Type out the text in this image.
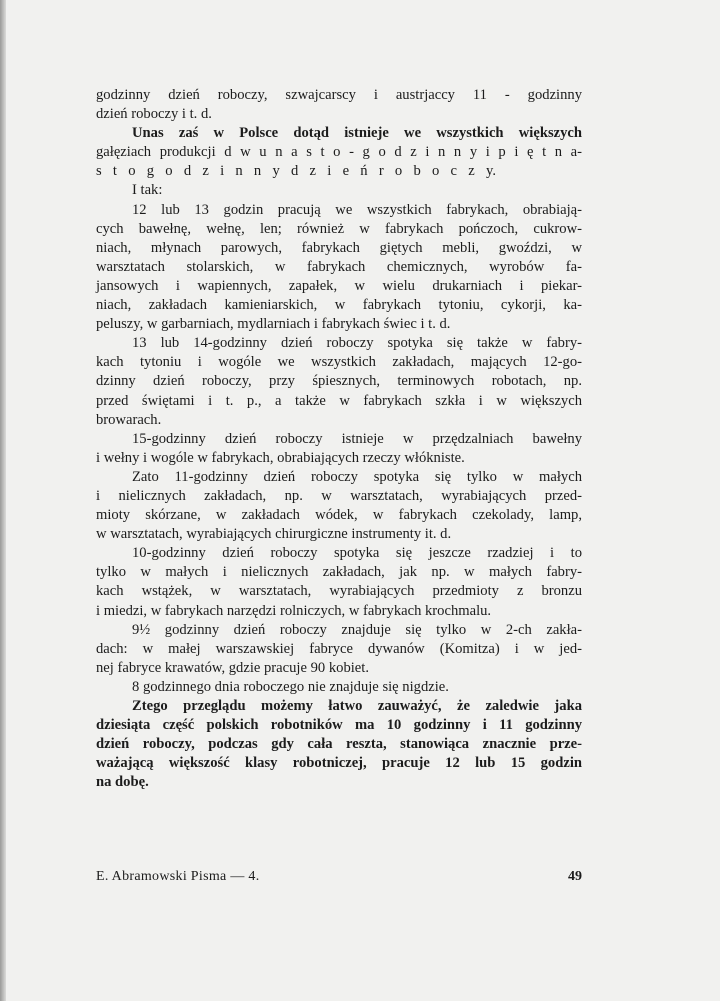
godzinny dzień roboczy, szwajcarscy i austrjaccy 11 - godzinny
dzień roboczy i t. d.
Unas zaś w Polsce dotąd istnieje we wszystkich większych
gałęziach produkcji d w u n a s t o - g o d z i n n y i p i ę t n a-
s t o g o d z i n n y d z i e ń r o b o c z y.
I tak:
12 lub 13 godzin pracują we wszystkich fabrykach, obrabiają-
cych bawełnę, wełnę, len; również w fabrykach pończoch, cukrow-
niach, młynach parowych, fabrykach giętych mebli, gwoździ, w
warsztatach stolarskich, w fabrykach chemicznych, wyrobów fa-
jansowych i wapiennych, zapałek, w wielu drukarniach i piekar-
niach, zakładach kamieniarskich, w fabrykach tytoniu, cykorji, ka-
peluszy, w garbarniach, mydlarniach i fabrykach świec i t. d.
13 lub 14-godzinny dzień roboczy spotyka się także w fabry-
kach tytoniu i wogóle we wszystkich zakładach, mających 12-go-
dzinny dzień roboczy, przy śpiesznych, terminowych robotach, np.
przed świętami i t. p., a także w fabrykach szkła i w większych
browarach.
15-godzinny dzień roboczy istnieje w przędzalniach bawełny
i wełny i wogóle w fabrykach, obrabiających rzeczy włókniste.
Zato 11-godzinny dzień roboczy spotyka się tylko w małych
i nielicznych zakładach, np. w warsztatach, wyrabiających przed-
mioty skórzane, w zakładach wódek, w fabrykach czekolady, lamp,
w warsztatach, wyrabiających chirurgiczne instrumenty it. d.
10-godzinny dzień roboczy spotyka się jeszcze rzadziej i to
tylko w małych i nielicznych zakładach, jak np. w małych fabry-
kach wstążek, w warsztatach, wyrabiających przedmioty z bronzu
i miedzi, w fabrykach narzędzi rolniczych, w fabrykach krochmalu.
9½ godzinny dzień roboczy znajduje się tylko w 2-ch zakła-
dach: w małej warszawskiej fabryce dywanów (Komitza) i w jed-
nej fabryce krawatów, gdzie pracuje 90 kobiet.
8 godzinnego dnia roboczego nie znajduje się nigdzie.
Ztego przeglądu możemy łatwo zauważyć, że zaledwie jaka
dziesiąta część polskich robotników ma 10 godzinny i 11 godzinny
dzień roboczy, podczas gdy cała reszta, stanowiąca znacznie prze-
ważającą większość klasy robotniczej, pracuje 12 lub 15 godzin
na dobę.
E. Abramowski Pisma — 4.	49
